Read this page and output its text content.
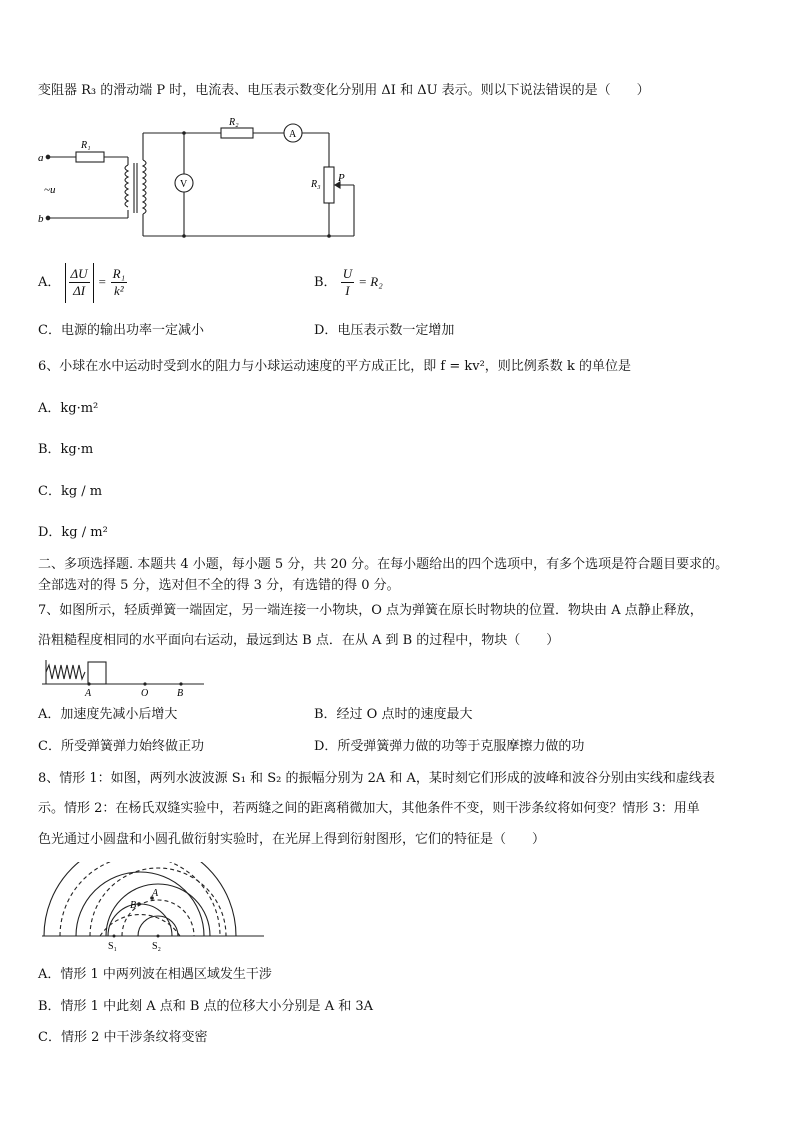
变阻器 R₃ 的滑动端 P 时，电流表、电压表示数变化分别用 ΔI 和 ΔU 表示。则以下说法错误的是（　　）
a
b
~u
R₁
R₂
R₃
P
V
A
A． $\frac{\Delta U}{\Delta I} = \frac{\text{R₁}}{\text{k²}}$	B． $\frac{U}{I} = R_2$
C．电源的输出功率一定减小	D．电压表示数一定增加
6、小球在水中运动时受到水的阻力与小球运动速度的平方成正比，即 f = kv²，则比例系数 k 的单位是
A．kg·m²
B．kg·m
C．kg / m
D．kg / m²
二、多项选择题. 本题共 4 小题，每小题 5 分，共 20 分。在每小题给出的四个选项中，有多个选项是符合题目要求的。
全部选对的得 5 分，选对但不全的得 3 分，有选错的得 0 分。
7、如图所示，轻质弹簧一端固定，另一端连接一小物块，O 点为弹簧在原长时物块的位置．物块由 A 点静止释放，
沿粗糙程度相同的水平面向右运动，最远到达 B 点．在从 A 到 B 的过程中，物块（　　）
A	O	B
A．加速度先减小后增大	B．经过 O 点时的速度最大
C．所受弹簧弹力始终做正功	D．所受弹簧弹力做的功等于克服摩擦力做的功
8、情形 1：如图，两列水波波源 S₁ 和 S₂ 的振幅分别为 2A 和 A，某时刻它们形成的波峰和波谷分别由实线和虚线表
示。情形 2：在杨氏双缝实验中，若两缝之间的距离稍微加大，其他条件不变，则干涉条纹将如何变？情形 3：用单
色光通过小圆盘和小圆孔做衍射实验时，在光屏上得到衍射图形，它们的特征是（　　）
A
B
S₁	S₂
A．情形 1 中两列波在相遇区域发生干涉
B．情形 1 中此刻 A 点和 B 点的位移大小分别是 A 和 3A
C．情形 2 中干涉条纹将变密
